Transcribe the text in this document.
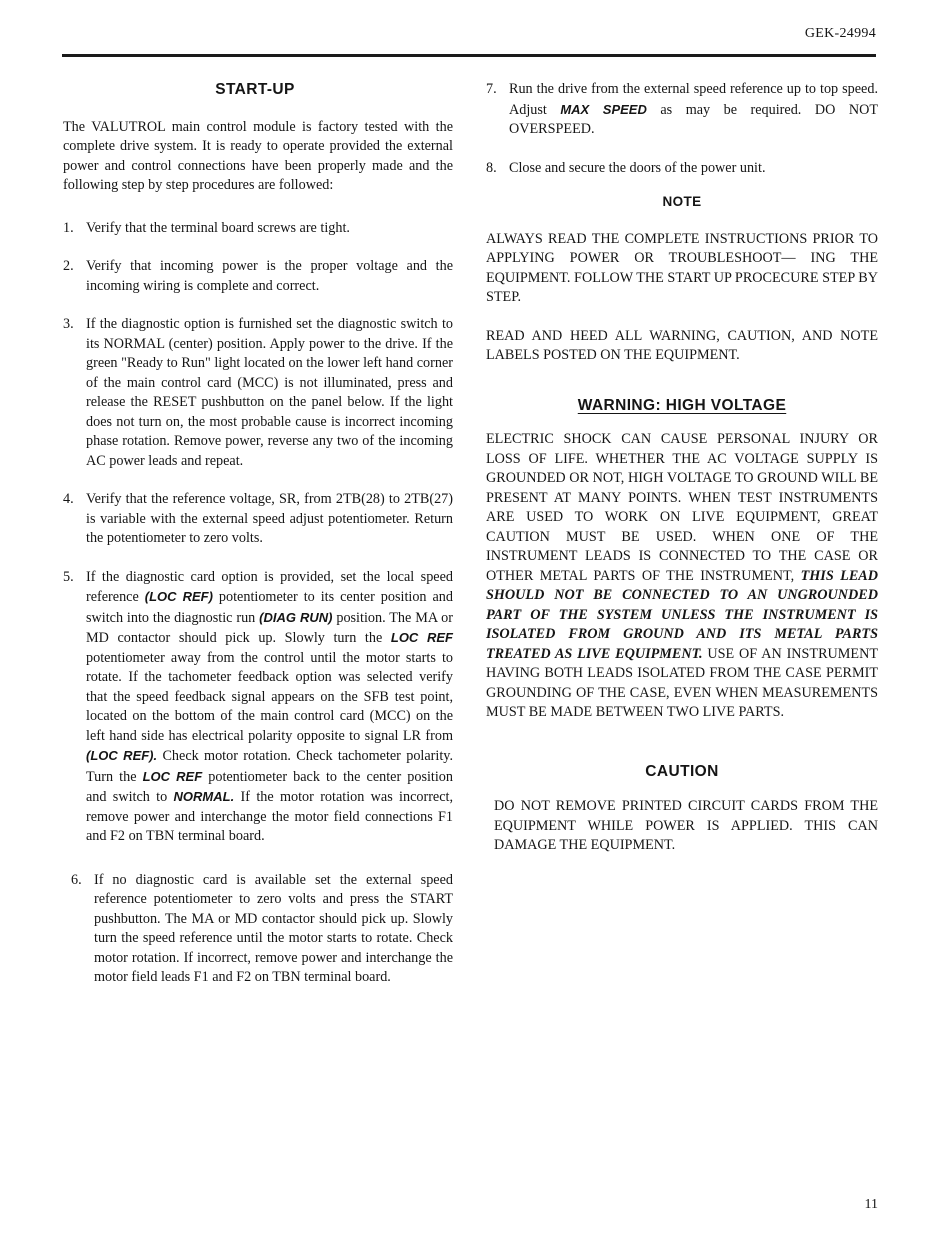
GEK-24994
START-UP

The VALUTROL main control module is factory tested with the complete drive system. It is ready to operate provided the external power and control connections have been properly made and the following step by step procedures are followed:

1. Verify that the terminal board screws are tight.
2. Verify that incoming power is the proper voltage and the incoming wiring is complete and correct.
3. If the diagnostic option is furnished set the diagnostic switch to its NORMAL (center) position. Apply power to the drive. If the green "Ready to Run" light located on the lower left hand corner of the main control card (MCC) is not illuminated, press and release the RESET pushbutton on the panel below. If the light does not turn on, the most probable cause is incorrect incoming phase rotation. Remove power, reverse any two of the incoming AC power leads and repeat.
4. Verify that the reference voltage, SR, from 2TB(28) to 2TB(27) is variable with the external speed adjust potentiometer. Return the potentiometer to zero volts.
5. If the diagnostic card option is provided, set the local speed reference (LOC REF) potentiometer to its center position and switch into the diagnostic run (DIAG RUN) position. The MA or MD contactor should pick up. Slowly turn the LOC REF potentiometer away from the control until the motor starts to rotate. If the tachometer feedback option was selected verify that the speed feedback signal appears on the SFB test point, located on the bottom of the main control card (MCC) on the left hand side has electrical polarity opposite to signal LR from (LOC REF). Check motor rotation. Check tachometer polarity. Turn the LOC REF potentiometer back to the center position and switch to NORMAL. If the motor rotation was incorrect, remove power and interchange the motor field connections F1 and F2 on TBN terminal board.
6. If no diagnostic card is available set the external speed reference potentiometer to zero volts and press the START pushbutton. The MA or MD contactor should pick up. Slowly turn the speed reference until the motor starts to rotate. Check motor rotation. If incorrect, remove power and interchange the motor field leads F1 and F2 on TBN terminal board.
7. Run the drive from the external speed reference up to top speed. Adjust MAX SPEED as may be required. DO NOT OVERSPEED.
8. Close and secure the doors of the power unit.
NOTE

ALWAYS READ THE COMPLETE INSTRUCTIONS PRIOR TO APPLYING POWER OR TROUBLESHOOT— ING THE EQUIPMENT. FOLLOW THE START UP PROCECURE STEP BY STEP.

READ AND HEED ALL WARNING, CAUTION, AND NOTE LABELS POSTED ON THE EQUIPMENT.

WARNING: HIGH VOLTAGE

ELECTRIC SHOCK CAN CAUSE PERSONAL INJURY OR LOSS OF LIFE. WHETHER THE AC VOLTAGE SUPPLY IS GROUNDED OR NOT, HIGH VOLTAGE TO GROUND WILL BE PRESENT AT MANY POINTS. WHEN TEST INSTRUMENTS ARE USED TO WORK ON LIVE EQUIPMENT, GREAT CAUTION MUST BE USED. WHEN ONE OF THE INSTRUMENT LEADS IS CONNECTED TO THE CASE OR OTHER METAL PARTS OF THE INSTRUMENT, THIS LEAD SHOULD NOT BE CONNECTED TO AN UNGROUNDED PART OF THE SYSTEM UNLESS THE INSTRUMENT IS ISOLATED FROM GROUND AND ITS METAL PARTS TREATED AS LIVE EQUIPMENT. USE OF AN INSTRUMENT HAVING BOTH LEADS ISOLATED FROM THE CASE PERMIT GROUNDING OF THE CASE, EVEN WHEN MEASUREMENTS MUST BE MADE BETWEEN TWO LIVE PARTS.

CAUTION

DO NOT REMOVE PRINTED CIRCUIT CARDS FROM THE EQUIPMENT WHILE POWER IS APPLIED. THIS CAN DAMAGE THE EQUIPMENT.

11
